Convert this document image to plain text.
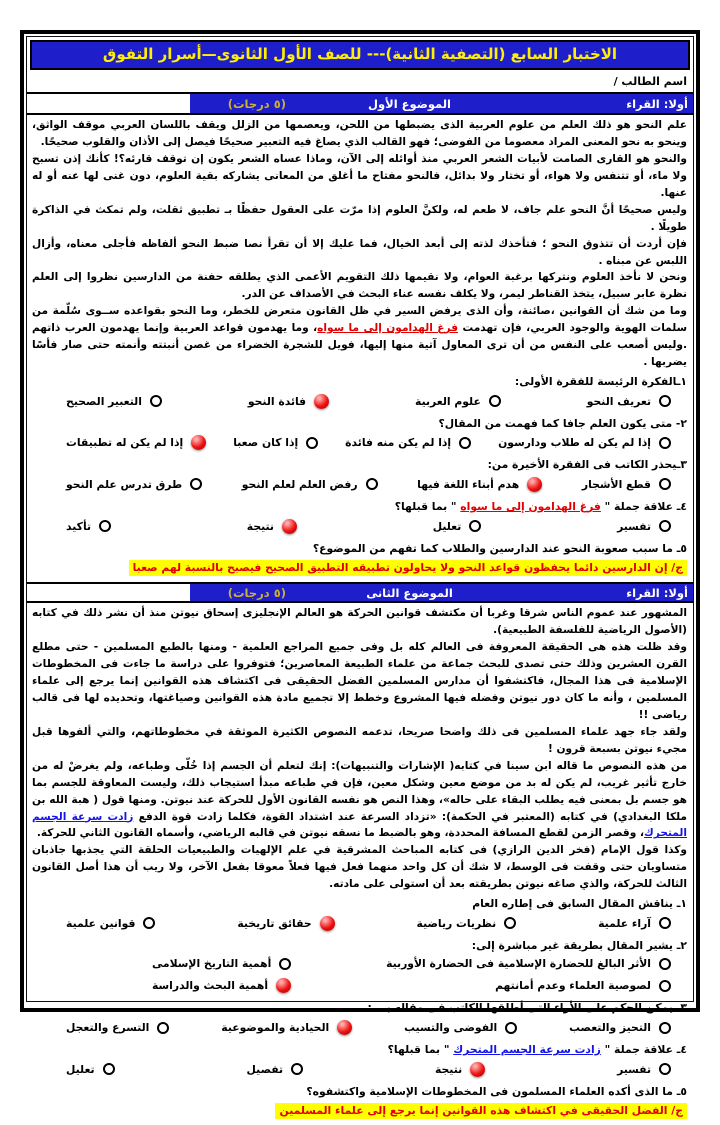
الاختبار السابع (التصفية الثانية)--- للصف الأول الثانوى—أسرار التفوق
اسم الطالب /
أولا: القراء
الموضوع الأول
(٥ درجات)

علم النحو هو ذلك العلم من علوم العربية الذى يضبطها من اللحن، ويعصمها من الزلل ويقف باللسان العربي موقف الواثق، وينحو به نحو المعنى المراد معصوما من الفوضى؛ فهو القالب الذي يصاغ فيه التعبير صحيحًا فيصل إلى الأذان والقلوب صحيحًا.

والنحو هو القارى الصامت لأبيات الشعر العربي منذ أوائله إلى الآن، وماذا عساه الشعر يكون إن توقف قارئه؟! كأنك إذن تسبح ولا ماء، أو تتنفس ولا هواء، أو تختار ولا بدائل، فالنحو مفتاح ما أغلق من المعانى يشاركه بقية العلوم، دون غنى لها عنه أو له عنها.

وليس صحيحًا أنَّ النحو علم جاف، لا طعم له، ولكنَّ العلوم إذا مرّت على العقول حفظًا بـ تطبيق ثقلت، ولم تمكث في الذاكرة طويلًا .

فإن أردت أن تتذوق النحو ؛ فتأخذك لذته إلى أبعد الخيال، فما عليك إلا أن تقرأ نصا ضبط النحو ألفاظه فأجلى معناه، وأزال اللبس عن مبناه .

ونحن لا نأخذ العلوم ونتركها برغبة العوام، ولا نقيمها ذلك التقويم الأعمى الذي يطلقه حفنة من الدارسين نظروا إلى العلم نظرة عابر سبيل، يتخذ القناطر ليمر، ولا يكلف نفسه عناء البحث في الأصداف عن الدر.

وما من شك أن القوانين ،صائنة، وأن الذى يرفض السير في ظل القانون متعرض للخطر، وما النحو بقواعده ســوى سُلّمة من سلمات الهوية والوجود العربي، فإن تهدمت فرغ الهدامون إلى ما سواه، وما يهدمون قواعد العربية وإنما يهدمون العرب ذاتهم .وليس أصعب على النفس من أن ترى المعاول آتية منها إليها، فويل للشجرة الخضراء من غصن أنبتته وأنمته حتى صار فأسًا يضربها .

١ـالفكرة الرئيسة للفقرة الأولى:
تعريف النحو
علوم العربية
فائدة النحو
التعبير الصحيح
٢- متى يكون العلم جافا كما فهمت من المقال؟
إذا لم يكن له طلاب ودارسون
إذا لم يكن منه فائدة
إذا كان صعبا
إذا لم يكن له تطبيقات
٣ـيحذر الكاتب فى الفقرة الأخيرة من:
قطع الأشجار
هدم أبناء اللغة فيها
رفض العلم لعلم النحو
طرق تدرس علم النحو
٤ـ علاقة جملة " فرغ الهدامون إلى ما سواه " بما قبلها؟
تفسير
تعليل
نتيجة
تأكيد
٥ـ ما سبب صعوبة النحو عند الدارسين والطلاب كما تفهم من الموضوع؟
ج/ إن الدارسين دائما يحفظون قواعد النحو ولا يحاولون تطبيقه التطبيق الصحيح فيصبح بالنسبة لهم صعبا
أولا: القراء
الموضوع الثانى
(٥ درجات)

المشهور عند عموم الناس شرقا وغربا أن مكتشف قوانين الحركة هو العالم الإنجليزى إسحاق نيوتن منذ أن نشر ذلك في كتابه (الأصول الرياضية للفلسفة الطبيعية).

وقد ظلت هذه هى الحقيقة المعروفة فى العالم كله بل وفى جميع المراجع العلمية - ومنها بالطبع المسلمين - حتى مطلع القرن العشرين وذلك حتى تصدى للبحث جماعة من علماء الطبيعة المعاصرين؛ فتوفروا على دراسة ما جاءت فى المخطوطات الإسلامية فى هذا المجال، فاكتشفوا أن مدارس المسلمين الفضل الحقيقى فى اكتشاف هذه القوانين إنما يرجع إلى علماء المسلمين ، وأنه ما كان دور نيوتن وفضله فيها المشروع وخطط إلا تجميع مادة هذه القوانين وصياغتها، وتحديده لها فى قالب رياضى !!

ولقد جاء جهد علماء المسلمين فى ذلك واضحا صريحا، تدعمه النصوص الكثيرة الموثقة في مخطوطاتهم، والتي ألفوها قبل مجيء نيوتن بسبعة قرون !

من هذه النصوص ما قاله ابن سينا في كتابه( الإشارات والتنبيهات): إنك لتعلم أن الجسم إذا خُلّى وطباعه، ولم يغرضْ له من خارج تأثير غريب، لم يكن له بد من موضع معين وشكل معين، فإن في طباعه مبدأ استيجاب ذلك، وليست المعاوقة للجسم بما هو جسم بل بمعنى فيه يطلب البقاء على حاله»، وهذا النص هو نفسه القانون الأول للحركة عند نيوتن. ومنها قول ( هبة الله بن ملكا البغدادي) في كتابه (المعتبر في الحكمة): «تزداد السرعة عند اشتداد القوة، فكلما زادت قوة الدفع زادت سرعة الجسم المتحرك، وقصر الزمن لقطع المسافة المحددة، وهو بالضبط ما نسقه نيوتن في قالبه الرياضي، وأسماه القانون الثاني للحركة.

وكذا قول الإمام (فخر الدين الرازي) فى كتابه المباحث المشرقية في علم الإلهيات والطبيعيات الحلقة التي يجذبها جاذبان متساويان حتى وقفت فى الوسط، لا شك أن كل واحد منهما فعل فيها فعلاً معوقا بفعل الآخر، ولا ريب أن هذا أصل القانون الثالث للحركة، والذي صاغه نيوتن بطريقته بعد أن استولى على مادته.

١ـ يناقش المقال السابق فى إطاره العام
آراء علمية
نظريات رياضية
حقائق تاريخية
قوانين علمية
٢ـ يشير المقال بطريقة غير مباشرة إلى:
الأثر البالغ للحضارة الإسلامية فى الحضارة الأوربية
أهمية التاريخ الإسلامى
لصوصية العلماء وعدم أمانتهم
أهمية البحث والدراسة
٣ـ يمكن الحكم على الأراء التى أطلقها الكاتب فى مقاله بــــ:
التحيز والتعصب
الفوضى والتسيب
الحيادية والموضوعية
التسرع والتعجل
٤ـ علاقة جملة " زادت سرعة الجسم المتحرك " بما قبلها؟
تفسير
نتيجة
تفصيل
تعليل
٥ـ ما الذى أكده العلماء المسلمون فى المخطوطات الإسلامية واكتشفوه؟
ج/ الفضل الحقيقى في اكتشاف هذه القوانين إنما يرجع إلى علماء المسلمين
